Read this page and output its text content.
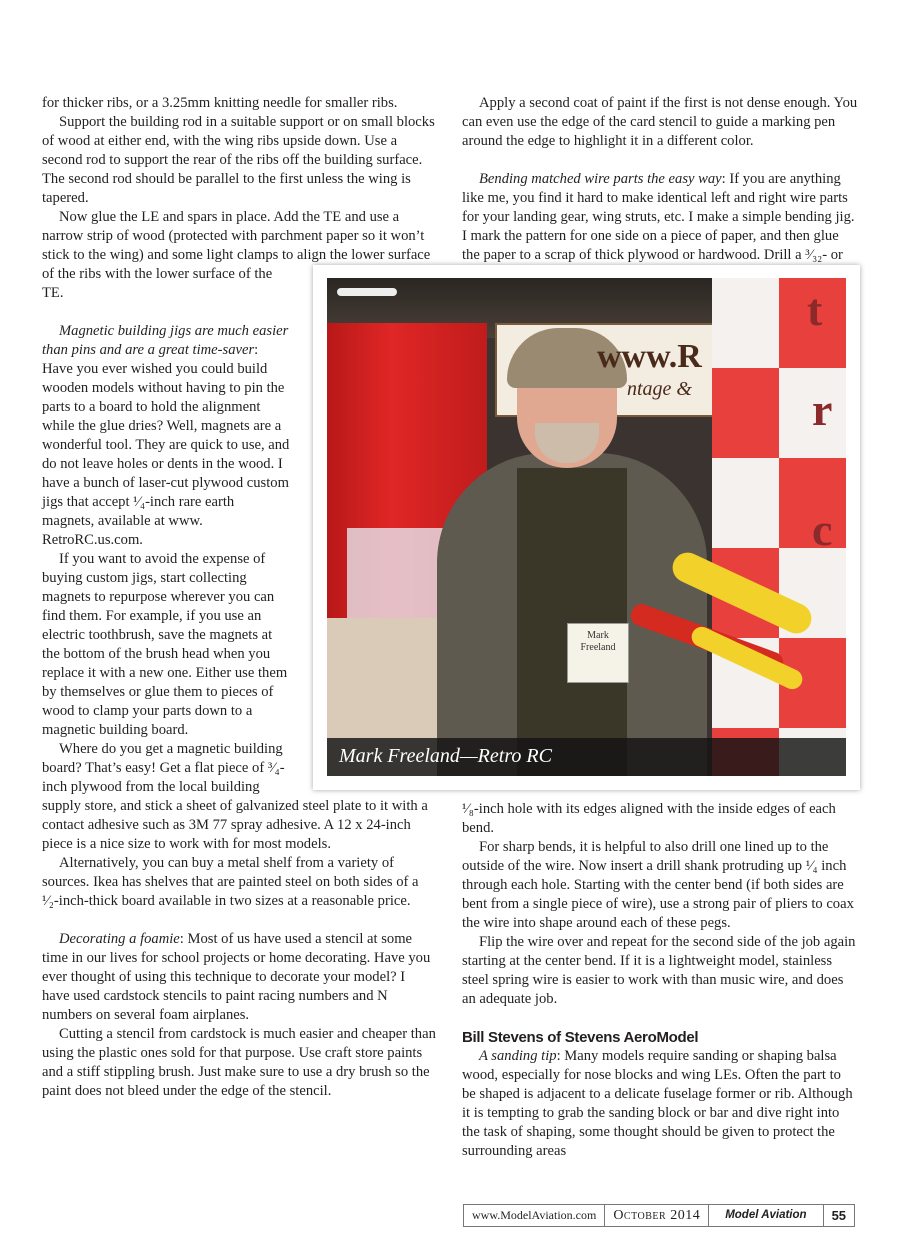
for thicker ribs, or a 3.25mm knitting needle for smaller ribs.

Support the building rod in a suitable support or on small blocks of wood at either end, with the wing ribs upside down. Use a second rod to support the rear of the ribs off the building surface. The second rod should be parallel to the first unless the wing is tapered.

Now glue the LE and spars in place. Add the TE and use a narrow strip of wood (protected with parchment paper so it won’t stick to the wing) and some light clamps to align the lower surface of the ribs with the lower surface of the TE.

Magnetic building jigs are much easier than pins and are a great time-saver: Have you ever wished you could build wooden models without having to pin the parts to a board to hold the alignment while the glue dries? Well, magnets are a wonderful tool. They are quick to use, and do not leave holes or dents in the wood. I have a bunch of laser-cut plywood custom jigs that accept ¹⁄₄-inch rare earth magnets, available at www. RetroRC.us.com.

If you want to avoid the expense of buying custom jigs, start collecting magnets to repurpose wherever you can find them. For example, if you use an electric toothbrush, save the magnets at the bottom of the brush head when you replace it with a new one. Either use them by themselves or glue them to pieces of wood to clamp your parts down to a magnetic building board.

Where do you get a magnetic building board? That’s easy! Get a flat piece of ³⁄₄-inch plywood from the local building supply store, and stick a sheet of galvanized steel plate to it with a contact adhesive such as 3M 77 spray adhesive. A 12 x 24-inch piece is a nice size to work with for most models.

Alternatively, you can buy a metal shelf from a variety of sources. Ikea has shelves that are painted steel on both sides of a ¹⁄₂-inch-thick board available in two sizes at a reasonable price.

Decorating a foamie: Most of us have used a stencil at some time in our lives for school projects or home decorating. Have you ever thought of using this technique to decorate your model? I have used cardstock stencils to paint racing numbers and N numbers on several foam airplanes.

Cutting a stencil from cardstock is much easier and cheaper than using the plastic ones sold for that purpose. Use craft store paints and a stiff stippling brush. Just make sure to use a dry brush so the paint does not bleed under the edge of the stencil.

Apply a second coat of paint if the first is not dense enough. You can even use the edge of the card stencil to guide a marking pen around the edge to highlight it in a different color.

Bending matched wire parts the easy way: If you are anything like me, you find it hard to make identical left and right wire parts for your landing gear, wing struts, etc. I make a simple bending jig. I mark the pattern for one side on a piece of paper, and then glue the paper to a scrap of thick plywood or hardwood. Drill a ³⁄₃₂- or ¹⁄₈-inch hole with its edges aligned with the inside edges of each bend.

For sharp bends, it is helpful to also drill one lined up to the outside of the wire. Now insert a drill shank protruding up ¹⁄₄ inch through each hole. Starting with the center bend (if both sides are bent from a single piece of wire), use a strong pair of pliers to coax the wire into shape around each of these pegs.

Flip the wire over and repeat for the second side of the job again starting at the center bend. If it is a lightweight model, stainless steel spring wire is easier to work with than music wire, and does an adequate job.

Bill Stevens of Stevens AeroModel

A sanding tip: Many models require sanding or shaping balsa wood, especially for nose blocks and wing LEs. Often the part to be shaped is adjacent to a delicate fuselage former or rib. Although it is tempting to grab the sanding block or bar and dive right into the task of shaping, some thought should be given to protect the surrounding areas

t
r
c
www.R
ntage &
Mark
Freeland
Mark Freeland—Retro RC
www.ModelAviation.com	October 2014	Model Aviation	55
